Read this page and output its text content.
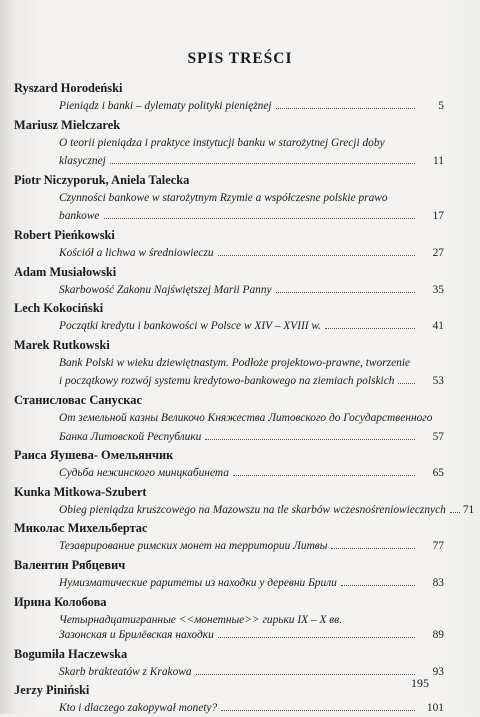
SPIS TREŚCI
Ryszard Horodeński
Pieniądz i banki – dylematy polityki pieniężnej	5
Mariusz Mielczarek
O teorii pieniądza i praktyce instytucji banku w starożytnej Grecji doby
klasycznej	11
Piotr Niczyporuk, Aniela Talecka
Czynności bankowe w starożytnym Rzymie a współczesne polskie prawo
bankowe	17
Robert Pieńkowski
Kościół a lichwa w średniowieczu	27
Adam Musiałowski
Skarbowość Zakonu Najświętszej Marii Panny	35
Lech Kokociński
Początki kredytu i bankowości w Polsce w XIV – XVIII w.	41
Marek Rutkowski
Bank Polski w wieku dziewiętnastym. Podłoże projektowo-prawne, tworzenie
i początkowy rozwój systemu kredytowo-bankowego na ziemiach polskich	53
Станисловас Сануcкас
От земельной казны Великочо Княжества Литовского до Государственного
Банка Литовской Республики	57
Раиса Яушева- Омельянчик
Судьба нежинского минцкабинета	65
Kunka Mitkowa-Szubert
Obieg pieniądza kruszcowego na Mazowszu na tle skarbów wczesnośreniowiecznych 71
Миколас Михельбертас
Тезаврирование римских монет на территории Литвы	77
Валентин Рябцевич
Нумизматические раритеты из находки у деревни Брили	83
Ирина Колобова
Четырнадцатигранные <<монетные>> гирьки IX – X вв.
Зазонская и Брилёвская находки	89
Bogumiła Haczewska
Skarb brakteatów z Krakowa	93
Jerzy Piniński
Kto i dlaczego zakopywał monety?	101
195
